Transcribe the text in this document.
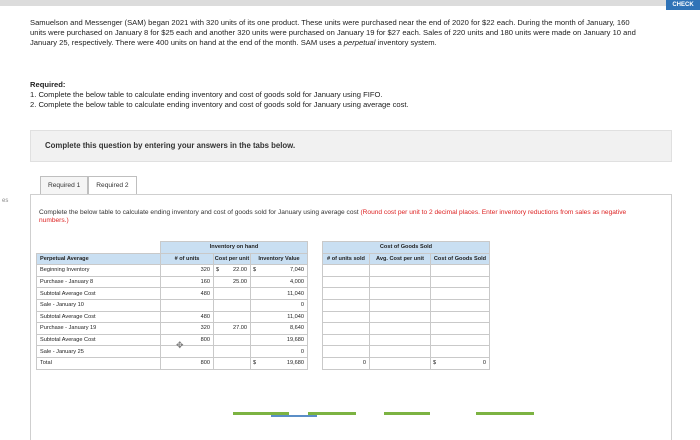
CHECK

Samuelson and Messenger (SAM) began 2021 with 320 units of its one product. These units were purchased near the end of 2020 for $22 each. During the month of January, 160 units were purchased on January 8 for $25 each and another 320 units were purchased on January 19 for $27 each. Sales of 220 units and 180 units were made on January 10 and January 25, respectively. There were 400 units on hand at the end of the month. SAM uses a perpetual inventory system.

Required:
1. Complete the below table to calculate ending inventory and cost of goods sold for January using FIFO.
2. Complete the below table to calculate ending inventory and cost of goods sold for January using average cost.
Complete this question by entering your answers in the tabs below.
es
Required 1	Required 2
Complete the below table to calculate ending inventory and cost of goods sold for January using average cost (Round cost per unit to 2 decimal places. Enter inventory reductions from sales as negative numbers.)
	Inventory on hand						Cost of Goods Sold			
Perpetual Average	# of units	Cost per unit		Inventory Value			# of units sold	Avg. Cost per unit	Cost of Goods Sold	
Beginning Inventory	320	$	22.00	$	7,040					
Purchase - January 8	160		25.00		4,000					
Subtotal Average Cost	480				11,040					
Sale - January 10					0					
Subtotal Average Cost	480				11,040					
Purchase - January 19	320		27.00		8,640					
Subtotal Average Cost	800				19,680					
Sale - January 25					0					
Total	800			$	19,680		0		$	0
✥
